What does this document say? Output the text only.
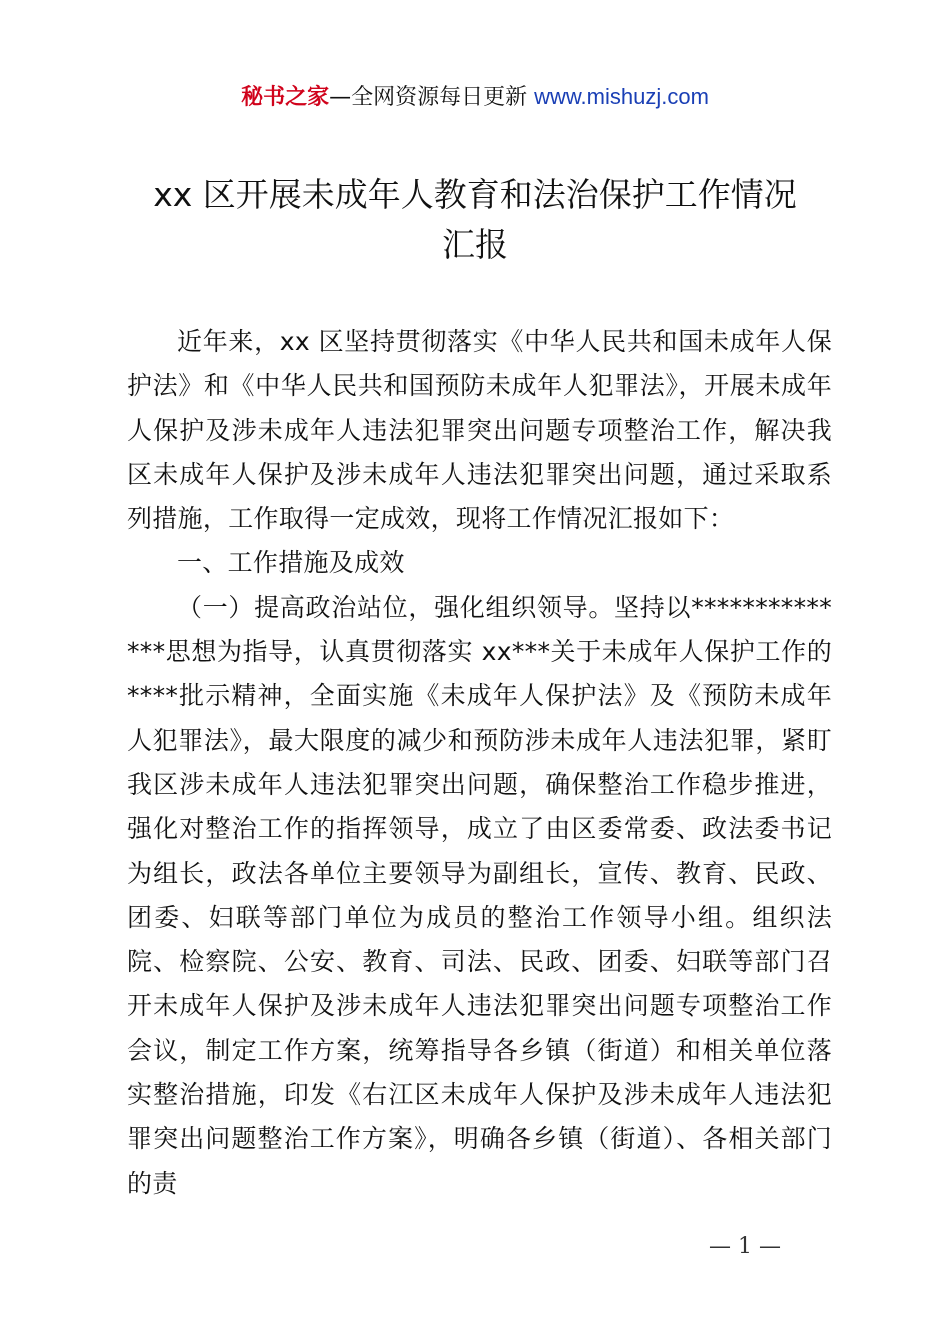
秘书之家—全网资源每日更新 www.mishuzj.com
xx 区开展未成年人教育和法治保护工作情况
汇报

近年来，xx 区坚持贯彻落实《中华人民共和国未成年人保护法》和《中华人民共和国预防未成年人犯罪法》，开展未成年人保护及涉未成年人违法犯罪突出问题专项整治工作，解决我区未成年人保护及涉未成年人违法犯罪突出问题，通过采取系列措施，工作取得一定成效，现将工作情况汇报如下：

一、工作措施及成效

（一）提高政治站位，强化组织领导。坚持以**************思想为指导，认真贯彻落实 xx***关于未成年人保护工作的****批示精神，全面实施《未成年人保护法》及《预防未成年人犯罪法》，最大限度的减少和预防涉未成年人违法犯罪，紧盯我区涉未成年人违法犯罪突出问题，确保整治工作稳步推进，强化对整治工作的指挥领导，成立了由区委常委、政法委书记为组长，政法各单位主要领导为副组长，宣传、教育、民政、团委、妇联等部门单位为成员的整治工作领导小组。组织法院、检察院、公安、教育、司法、民政、团委、妇联等部门召开未成年人保护及涉未成年人违法犯罪突出问题专项整治工作会议，制定工作方案，统筹指导各乡镇（街道）和相关单位落实整治措施，印发《右江区未成年人保护及涉未成年人违法犯罪突出问题整治工作方案》，明确各乡镇（街道）、各相关部门的责

— 1 —
